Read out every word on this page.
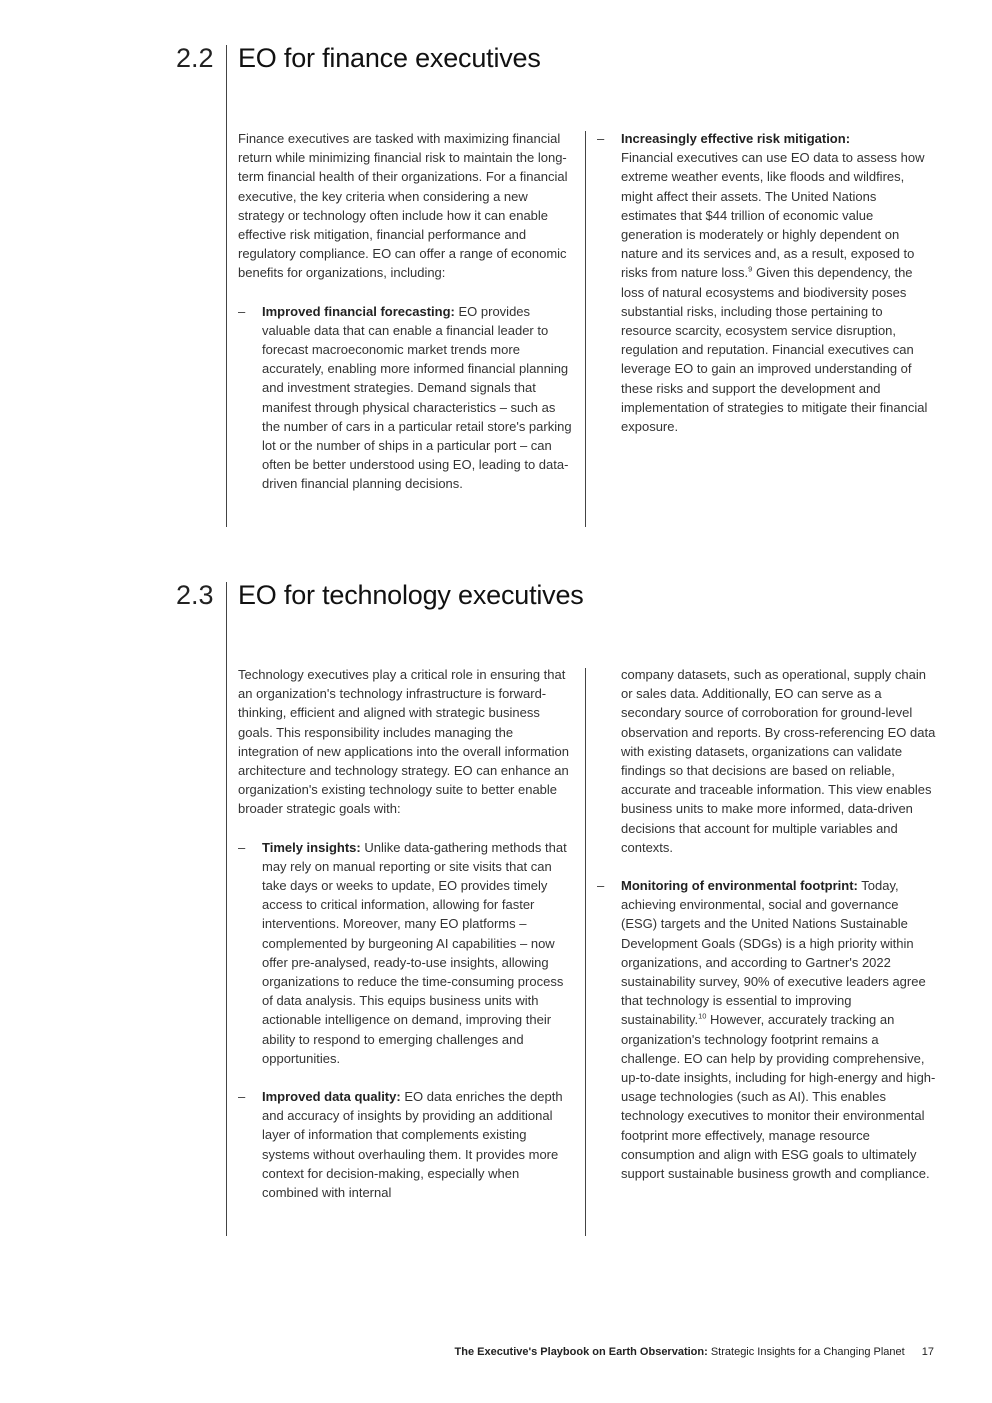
2.2 EO for finance executives

Finance executives are tasked with maximizing financial return while minimizing financial risk to maintain the long-term financial health of their organizations. For a financial executive, the key criteria when considering a new strategy or technology often include how it can enable effective risk mitigation, financial performance and regulatory compliance. EO can offer a range of economic benefits for organizations, including:

– Improved financial forecasting: EO provides valuable data that can enable a financial leader to forecast macroeconomic market trends more accurately, enabling more informed financial planning and investment strategies. Demand signals that manifest through physical characteristics – such as the number of cars in a particular retail store's parking lot or the number of ships in a particular port – can often be better understood using EO, leading to data-driven financial planning decisions.
– Increasingly effective risk mitigation:
Financial executives can use EO data to assess how extreme weather events, like floods and wildfires, might affect their assets. The United Nations estimates that $44 trillion of economic value generation is moderately or highly dependent on nature and its services and, as a result, exposed to risks from nature loss.$^9$ Given this dependency, the loss of natural ecosystems and biodiversity poses substantial risks, including those pertaining to resource scarcity, ecosystem service disruption, regulation and reputation. Financial executives can leverage EO to gain an improved understanding of these risks and support the development and implementation of strategies to mitigate their financial exposure.
2.3 EO for technology executives

Technology executives play a critical role in ensuring that an organization's technology infrastructure is forward-thinking, efficient and aligned with strategic business goals. This responsibility includes managing the integration of new applications into the overall information architecture and technology strategy. EO can enhance an organization's existing technology suite to better enable broader strategic goals with:

– Timely insights: Unlike data-gathering methods that may rely on manual reporting or site visits that can take days or weeks to update, EO provides timely access to critical information, allowing for faster interventions. Moreover, many EO platforms – complemented by burgeoning AI capabilities – now offer pre-analysed, ready-to-use insights, allowing organizations to reduce the time-consuming process of data analysis. This equips business units with actionable intelligence on demand, improving their ability to respond to emerging challenges and opportunities.
– Improved data quality: EO data enriches the depth and accuracy of insights by providing an additional layer of information that complements existing systems without overhauling them. It provides more context for decision-making, especially when combined with internal

company datasets, such as operational, supply chain or sales data. Additionally, EO can serve as a secondary source of corroboration for ground-level observation and reports. By cross-referencing EO data with existing datasets, organizations can validate findings so that decisions are based on reliable, accurate and traceable information. This view enables business units to make more informed, data-driven decisions that account for multiple variables and contexts.

– Monitoring of environmental footprint: Today, achieving environmental, social and governance (ESG) targets and the United Nations Sustainable Development Goals (SDGs) is a high priority within organizations, and according to Gartner's 2022 sustainability survey, 90% of executive leaders agree that technology is essential to improving sustainability.$^{10}$ However, accurately tracking an organization's technology footprint remains a challenge. EO can help by providing comprehensive, up-to-date insights, including for high-energy and high-usage technologies (such as AI). This enables technology executives to monitor their environmental footprint more effectively, manage resource consumption and align with ESG goals to ultimately support sustainable business growth and compliance.
The Executive's Playbook on Earth Observation: Strategic Insights for a Changing Planet 17
